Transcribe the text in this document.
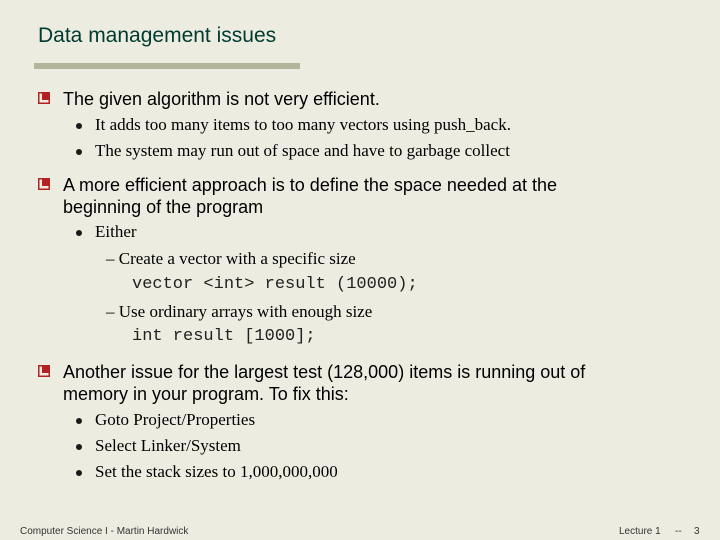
Data management issues
The given algorithm is not very efficient.
It adds too many items to too many vectors using push_back.
The system may run out of space and have to garbage collect
A more efficient approach is to define the space needed at the
beginning of the program
Either
– Create a vector with a specific size
vector <int> result (10000);
– Use ordinary arrays with enough size
int result [1000];
Another issue for the largest test (128,000) items is running out of
memory in your program. To fix this:
Goto Project/Properties
Select Linker/System
Set the stack sizes to 1,000,000,000
Computer Science I - Martin Hardwick	Lecture 1 -- 3
